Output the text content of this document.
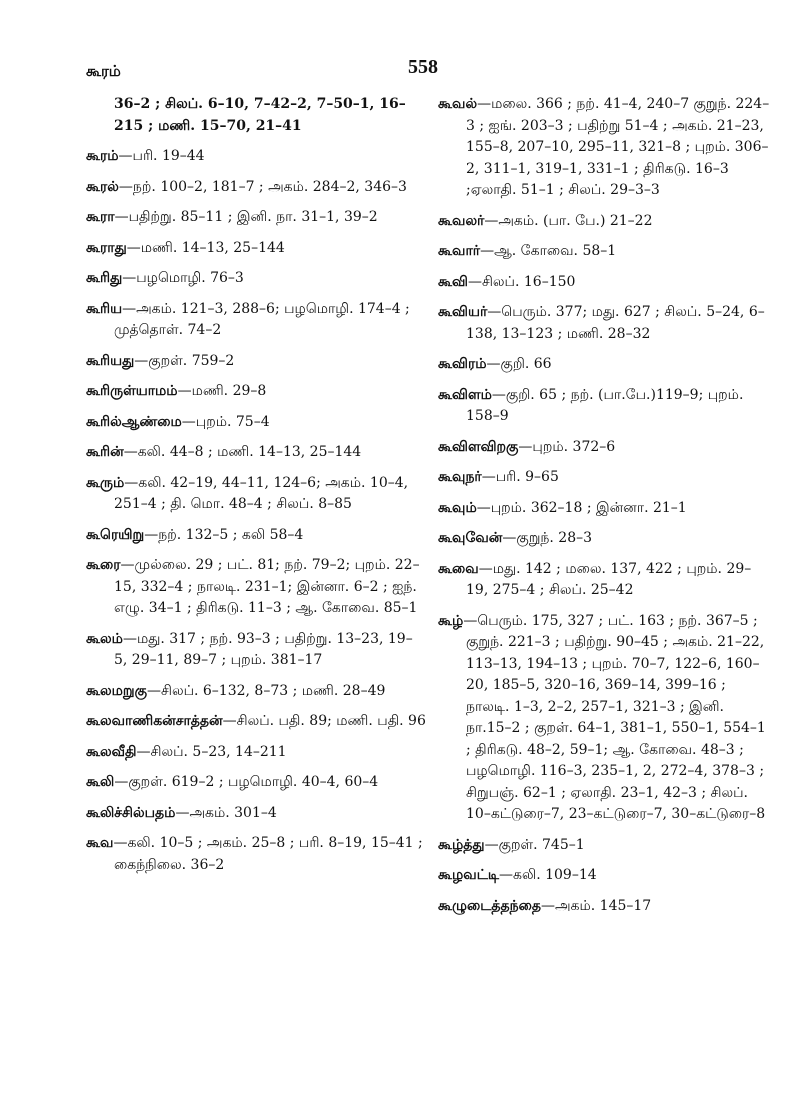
கூரம்	558
36–2 ; சிலப். 6–10, 7–42–2, 7–50–1, 16–215 ; மணி. 15–70, 21–41
கூரம்—பரி. 19–44
கூரல்—நற். 100–2, 181–7 ; அகம். 284–2, 346–3
கூரா—பதிற்று. 85–11 ; இனி. நா. 31–1, 39–2
கூராது—மணி. 14–13, 25–144
கூரிது—பழமொழி. 76–3
கூரிய—அகம். 121–3, 288–6; பழமொழி. 174–4 ; முத்தொள். 74–2
கூரியது—குறள். 759–2
கூரிருள்யாமம்—மணி. 29–8
கூரில்ஆண்மை—புறம். 75–4
கூரின்—கலி. 44–8 ; மணி. 14–13, 25–144
கூரும்—கலி. 42–19, 44–11, 124–6; அகம். 10–4, 251–4 ; தி. மொ. 48–4 ; சிலப். 8–85
கூரெயிறு—நற். 132–5 ; கலி 58–4
கூரை—முல்லை. 29 ; பட். 81; நற். 79–2; புறம். 22–15, 332–4 ; நாலடி. 231–1; இன்னா. 6–2 ; ஐந். எழு. 34–1 ; திரிகடு. 11–3 ; ஆ. கோவை. 85–1
கூலம்—மது. 317 ; நற். 93–3 ; பதிற்று. 13–23, 19–5, 29–11, 89–7 ; புறம். 381–17
கூலமறுகு—சிலப். 6–132, 8–73 ; மணி. 28–49
கூலவாணிகன்சாத்தன்—சிலப். பதி. 89; மணி. பதி. 96
கூலவீதி—சிலப். 5–23, 14–211
கூலி—குறள். 619–2 ; பழமொழி. 40–4, 60–4
கூலிச்சில்பதம்—அகம். 301–4
கூவ—கலி. 10–5 ; அகம். 25–8 ; பரி. 8–19, 15–41 ; கைந்நிலை. 36–2
கூவல்—மலை. 366 ; நற். 41–4, 240–7 குறுந். 224–3 ; ஐங். 203–3 ; பதிற்று 51–4 ; அகம். 21–23, 155–8, 207–10, 295–11, 321–8 ; புறம். 306–2, 311–1, 319–1, 331–1 ; திரிகடு. 16–3 ;ஏலாதி. 51–1 ; சிலப். 29–3–3
கூவலர்—அகம். (பா. பே.) 21–22
கூவார்—ஆ. கோவை. 58–1
கூவி—சிலப். 16–150
கூவியர்—பெரும். 377; மது. 627 ; சிலப். 5–24, 6–138, 13–123 ; மணி. 28–32
கூவிரம்—குறி. 66
கூவிளம்—குறி. 65 ; நற். (பா.பே.)119–9; புறம். 158–9
கூவிளவிறகு—புறம். 372–6
கூவுநர்—பரி. 9–65
கூவும்—புறம். 362–18 ; இன்னா. 21–1
கூவுவேன்—குறுந். 28–3
கூவை—மது. 142 ; மலை. 137, 422 ; புறம். 29–19, 275–4 ; சிலப். 25–42
கூழ்—பெரும். 175, 327 ; பட். 163 ; நற். 367–5 ; குறுந். 221–3 ; பதிற்று. 90–45 ; அகம். 21–22, 113–13, 194–13 ; புறம். 70–7, 122–6, 160–20, 185–5, 320–16, 369–14, 399–16 ; நாலடி. 1–3, 2–2, 257–1, 321–3 ; இனி. நா.15–2 ; குறள். 64–1, 381–1, 550–1, 554–1 ; திரிகடு. 48–2, 59–1; ஆ. கோவை. 48–3 ; பழமொழி. 116–3, 235–1, 2, 272–4, 378–3 ; சிறுபஞ். 62–1 ; ஏலாதி. 23–1, 42–3 ; சிலப். 10–கட்டுரை–7, 23–கட்டுரை–7, 30–கட்டுரை–8
கூழ்த்து—குறள். 745–1
கூழவட்டி—கலி. 109–14
கூழுடைத்தந்தை—அகம். 145–17
